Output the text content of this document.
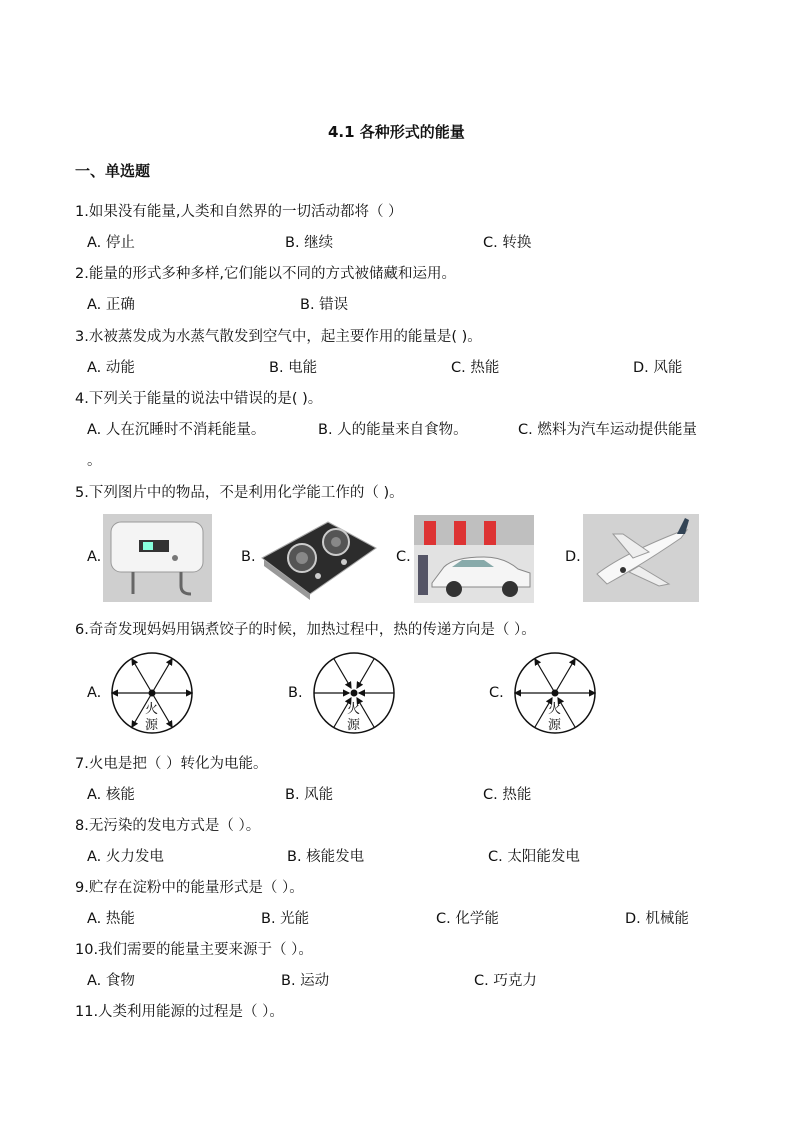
4.1 各种形式的能量
一、单选题
1.如果没有能量,人类和自然界的一切活动都将（ ）
A. 停止	B. 继续	C. 转换
2.能量的形式多种多样,它们能以不同的方式被储藏和运用。
A. 正确	B. 错误
3.水被蒸发成为水蒸气散发到空气中，起主要作用的能量是( )。
A. 动能	B. 电能	C. 热能	D. 风能
4.下列关于能量的说法中错误的是( )。
A. 人在沉睡时不消耗能量。	B. 人的能量来自食物。	C. 燃料为汽车运动提供能量
。
5.下列图片中的物品，不是利用化学能工作的（ )。
A.	B.	C.	D.
6.奇奇发现妈妈用锅煮饺子的时候，加热过程中，热的传递方向是（ ）。
A.
火
源
B.
火
源
C.
火
源
7.火电是把（ ）转化为电能。
A. 核能	B. 风能	C. 热能
8.无污染的发电方式是（ ）。
A. 火力发电	B. 核能发电	C. 太阳能发电
9.贮存在淀粉中的能量形式是（ ）。
A. 热能	B. 光能	C. 化学能	D. 机械能
10.我们需要的能量主要来源于（ ）。
A. 食物	B. 运动	C. 巧克力
11.人类利用能源的过程是（ ）。
